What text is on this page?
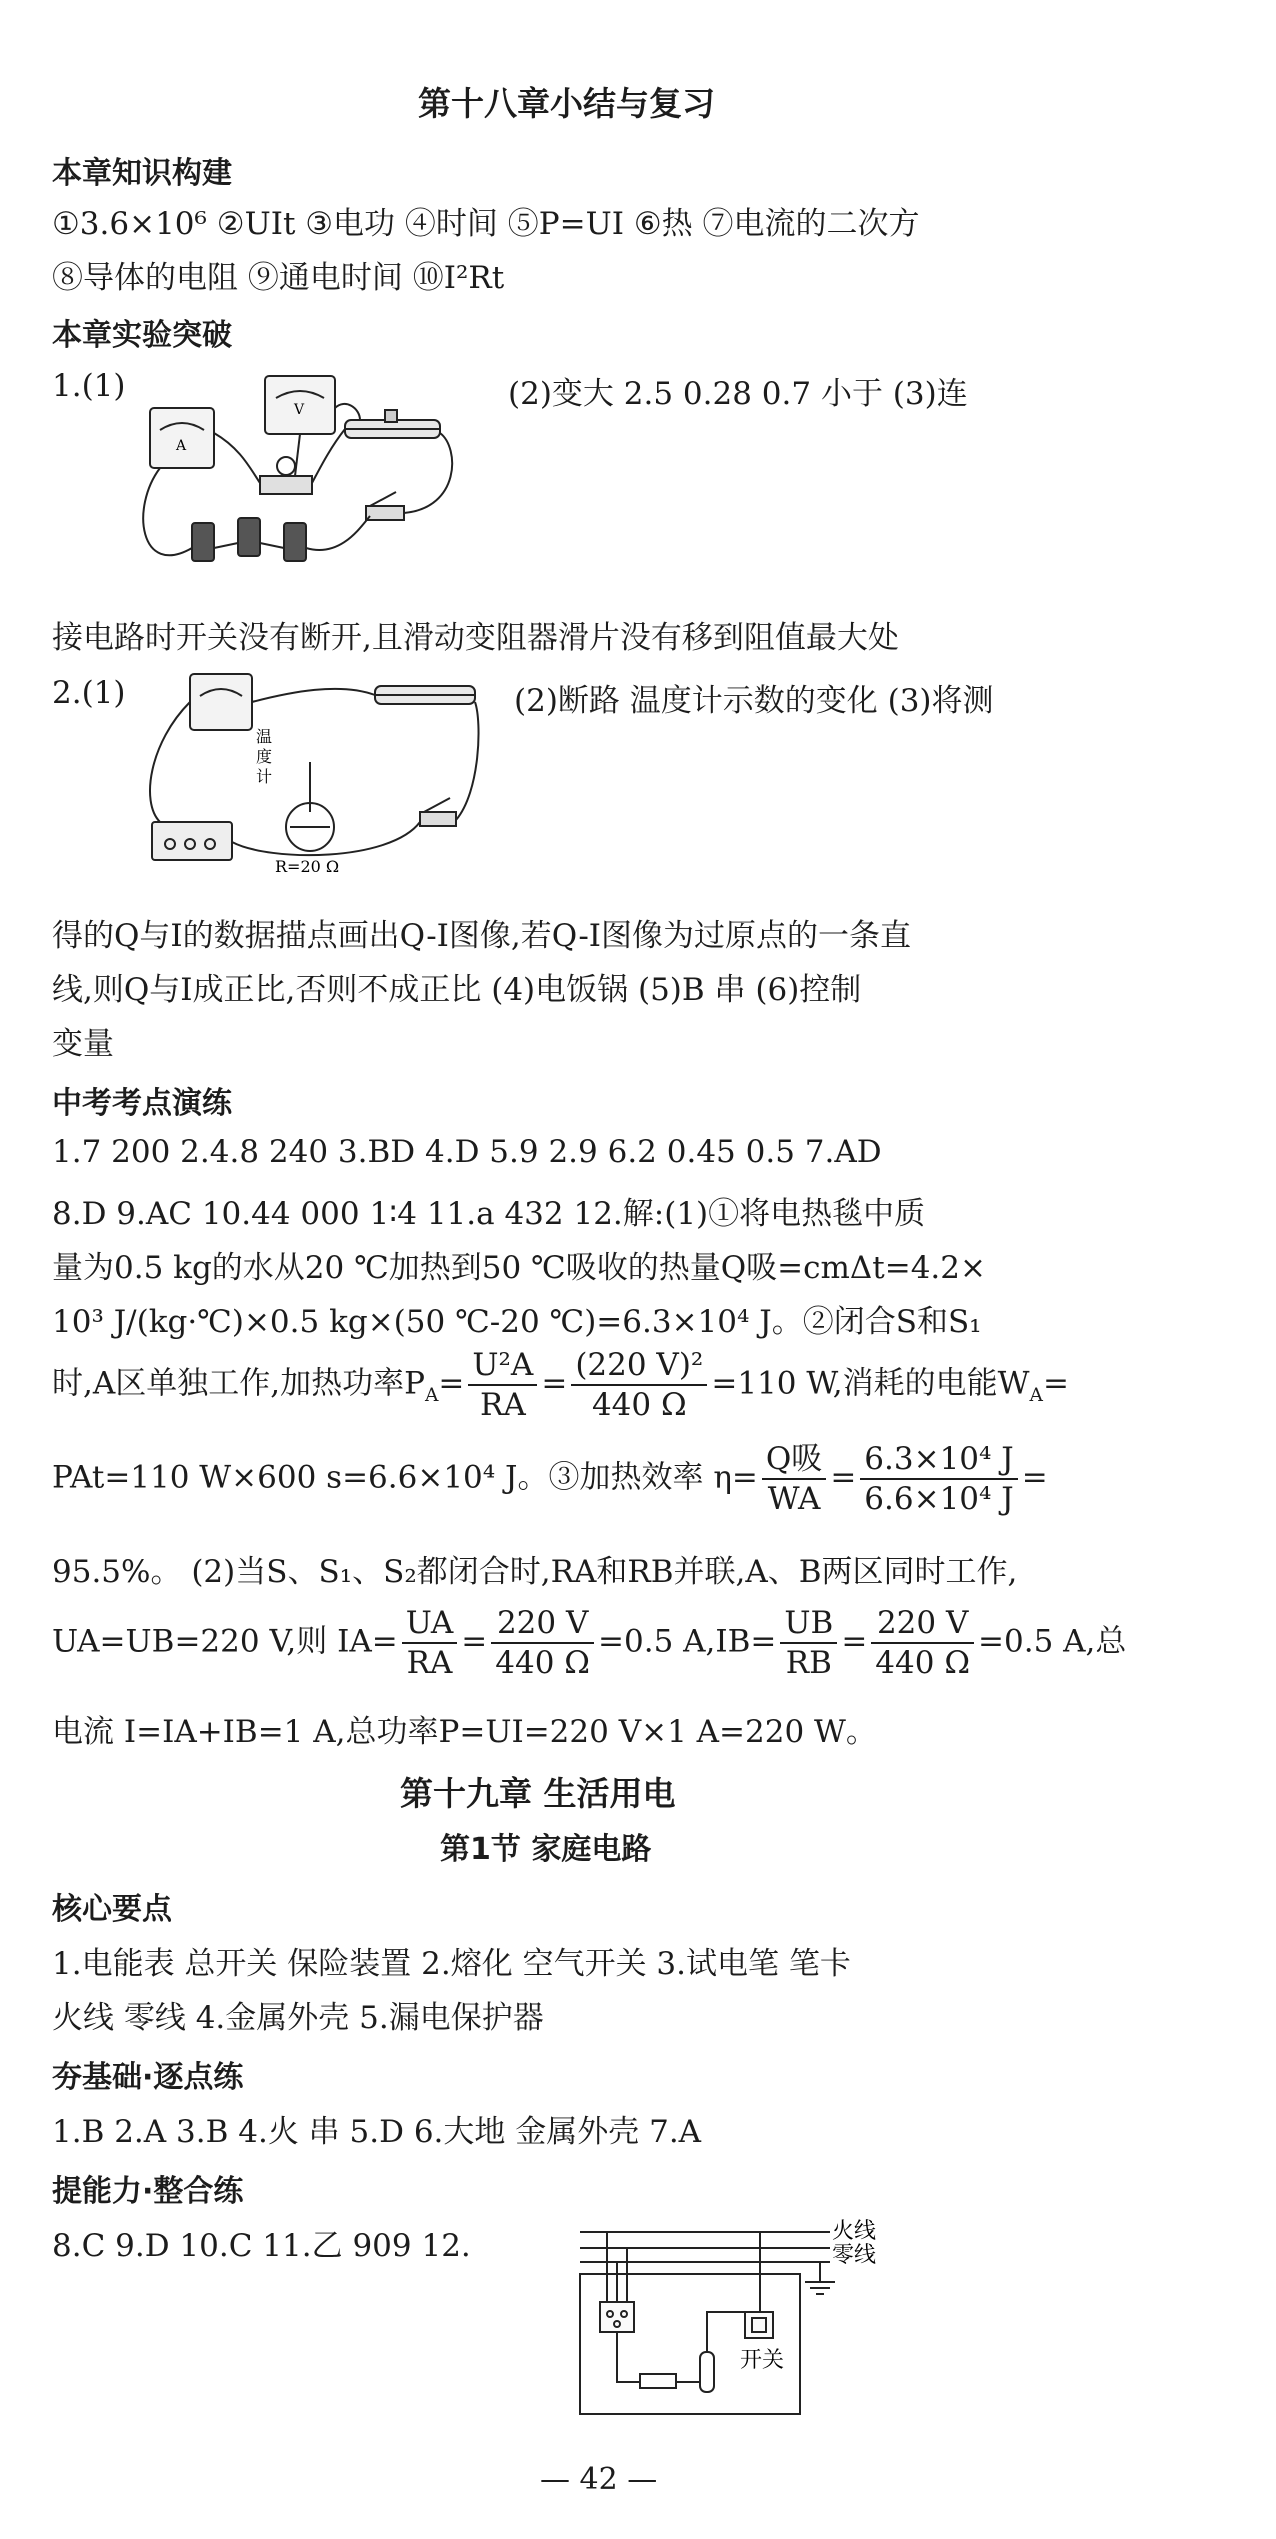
第十八章小结与复习
本章知识构建
①3.6×10⁶ ②UIt ③电功 ④时间 ⑤P=UI ⑥热 ⑦电流的二次方
⑧导体的电阻 ⑨通电时间 ⑩I²Rt
本章实验突破
1.(1)	(2)变大 2.5 0.28 0.7 小于 (3)连
A
V
接电路时开关没有断开,且滑动变阻器滑片没有移到阻值最大处
2.(1)	(2)断路 温度计示数的变化 (3)将测
温
度
计
R=20 Ω
得的Q与I的数据描点画出Q-I图像,若Q-I图像为过原点的一条直
线,则Q与I成正比,否则不成正比 (4)电饭锅 (5)B 串 (6)控制
变量
中考考点演练
1.7 200 2.4.8 240 3.BD 4.D 5.9 2.9 6.2 0.45 0.5 7.AD
8.D 9.AC 10.44 000 1∶4 11.a 432 12.解:(1)①将电热毯中质
量为0.5 kg的水从20 ℃加热到50 ℃吸收的热量Q吸=cmΔt=4.2×
10³ J/(kg·℃)×0.5 kg×(50 ℃-20 ℃)=6.3×10⁴ J。②闭合S和S₁
时,A区单独工作,加热功率$P_A= \frac{\text{U²A}}{RA} = \frac{\text{(220 V)²}}{440 \Omega} =110$ W,消耗的电能$W_A=$
PAt=110 W×600 s=6.6×10⁴ J。③加热效率 $\eta= \frac{\text{Q吸}}{WA} = \frac{\text{6.3×10⁴ J}}{\text{6.6×10⁴ J}}$ =
95.5%。 (2)当S、S₁、S₂都闭合时,RA和RB并联,A、B两区同时工作,
UA=UB=220 V,则 $IA= \frac{UA}{RA} = \frac{220 V}{440 \Omega} =0.5$ $A,IB= \frac{UB}{RB} = \frac{220 V}{440 \Omega} =0.5$ A,总
电流 I=IA+IB=1 A,总功率P=UI=220 V×1 A=220 W。
第十九章 生活用电
第1节 家庭电路
核心要点
1.电能表 总开关 保险装置 2.熔化 空气开关 3.试电笔 笔卡
火线 零线 4.金属外壳 5.漏电保护器
夯基础·逐点练
1.B 2.A 3.B 4.火 串 5.D 6.大地 金属外壳 7.A
提能力·整合练
8.C 9.D 10.C 11.乙 909 12.	火线
零线
开关
— 42 —
